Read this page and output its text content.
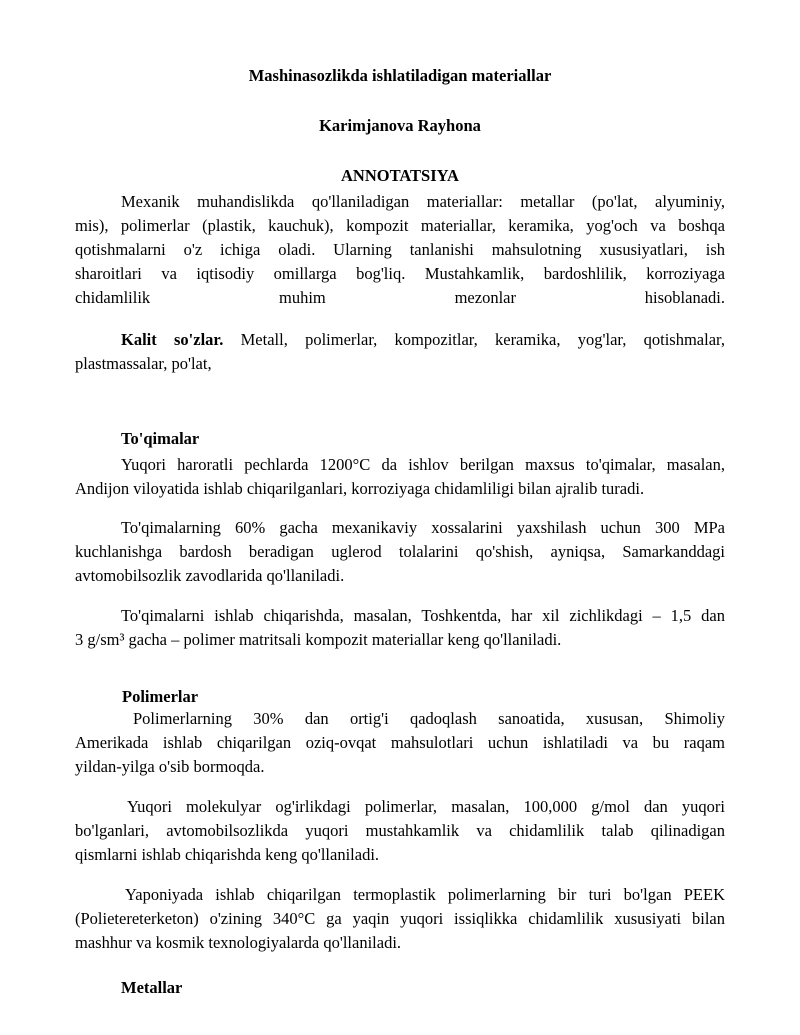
Mashinasozlikda ishlatiladigan materiallar
Karimjanova Rayhona
ANNOTATSIYA
Mexanik muhandislikda qo'llaniladigan materiallar: metallar (po'lat, alyuminiy,
mis), polimerlar (plastik, kauchuk), kompozit materiallar, keramika, yog'och va boshqa
qotishmalarni o'z ichiga oladi. Ularning tanlanishi mahsulotning xususiyatlari, ish
sharoitlari va iqtisodiy omillarga bog'liq. Mustahkamlik, bardoshlilik, korroziyaga
chidamlilik muhim mezonlar hisoblanadi.
Kalit so'zlar. Metall, polimerlar, kompozitlar, keramika, yog'lar, qotishmalar,
plastmassalar, po'lat,
To'qimalar
Yuqori haroratli pechlarda 1200°C da ishlov berilgan maxsus to'qimalar, masalan,
Andijon viloyatida ishlab chiqarilganlari, korroziyaga chidamliligi bilan ajralib turadi.
To'qimalarning 60% gacha mexanikaviy xossalarini yaxshilash uchun 300 MPa
kuchlanishga bardosh beradigan uglerod tolalarini qo'shish, ayniqsa, Samarkanddagi
avtomobilsozlik zavodlarida qo'llaniladi.
To'qimalarni ishlab chiqarishda, masalan, Toshkentda, har xil zichlikdagi – 1,5 dan
3 g/sm³ gacha – polimer matritsali kompozit materiallar keng qo'llaniladi.
Polimerlar
Polimerlarning 30% dan ortig'i qadoqlash sanoatida, xususan, Shimoliy
Amerikada ishlab chiqarilgan oziq-ovqat mahsulotlari uchun ishlatiladi va bu raqam
yildan-yilga o'sib bormoqda.
Yuqori molekulyar og'irlikdagi polimerlar, masalan, 100,000 g/mol dan yuqori
bo'lganlari, avtomobilsozlikda yuqori mustahkamlik va chidamlilik talab qilinadigan
qismlarni ishlab chiqarishda keng qo'llaniladi.
Yaponiyada ishlab chiqarilgan termoplastik polimerlarning bir turi bo'lgan PEEK
(Polietereterketon) o'zining 340°C ga yaqin yuqori issiqlikka chidamlilik xususiyati bilan
mashhur va kosmik texnologiyalarda qo'llaniladi.
Metallar
